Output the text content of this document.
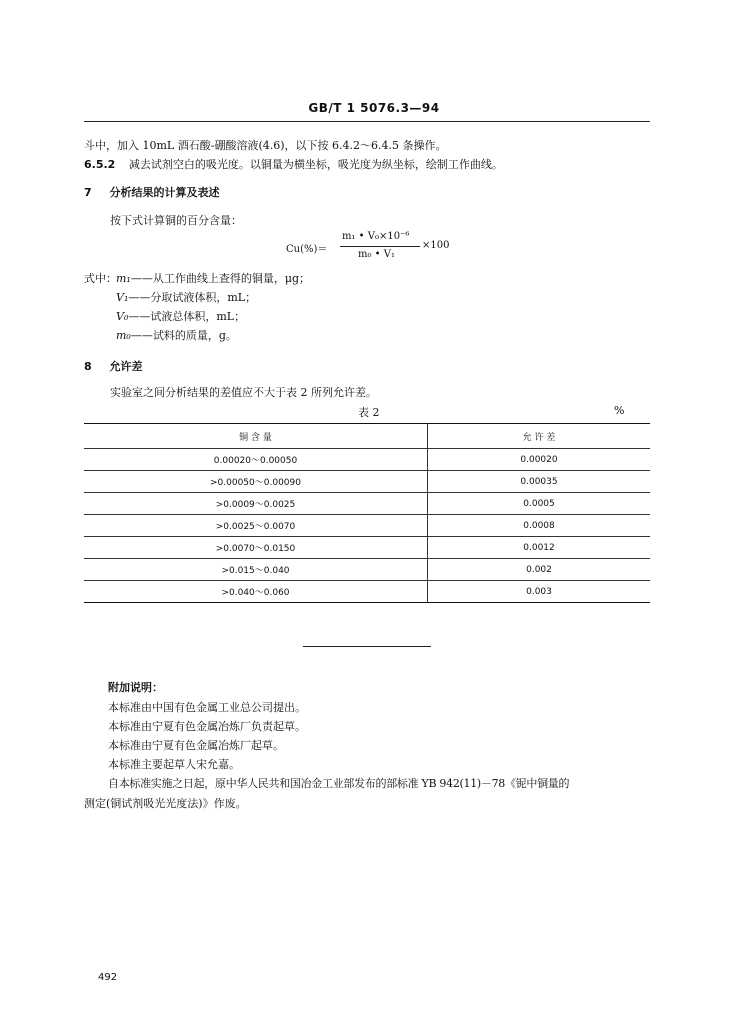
GB/T 1 5076.3—94
斗中，加入 10mL 酒石酸-硼酸溶液(4.6)，以下按 6.4.2～6.4.5 条操作。
6.5.2 减去试剂空白的吸光度。以铜量为横坐标，吸光度为纵坐标，绘制工作曲线。
7 分析结果的计算及表述
按下式计算铜的百分含量：
Cu(%)＝
m₁ • V₀×10⁻⁶
m₀ • V₁
×100
式中： m₁——从工作曲线上查得的铜量，μg；
V₁——分取试液体积，mL；
V₀——试液总体积，mL；
m₀——试料的质量，g。
8 允许差
实验室之间分析结果的差值应不大于表 2 所列允许差。
表 2	%
铜 含 量	允 许 差
0.00020～0.00050	0.00020
>0.00050～0.00090	0.00035
>0.0009～0.0025	0.0005
>0.0025～0.0070	0.0008
>0.0070～0.0150	0.0012
>0.015～0.040	0.002
>0.040～0.060	0.003
附加说明：
本标准由中国有色金属工业总公司提出。
本标准由宁夏有色金属冶炼厂负责起草。
本标准由宁夏有色金属冶炼厂起草。
本标准主要起草人宋允嘉。
自本标准实施之日起，原中华人民共和国冶金工业部发布的部标准 YB 942(11)－78《铌中铜量的
测定(铜试剂吸光光度法)》作废。
492
